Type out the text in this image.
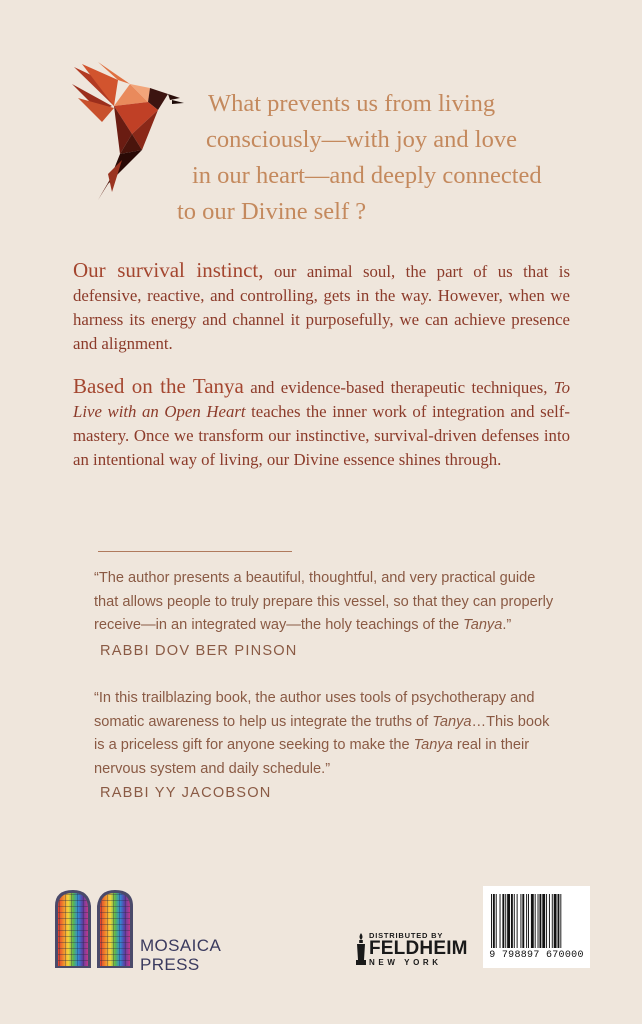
What prevents us from living
consciously—with joy and love
in our heart—and deeply connected
to our Divine self ?
Our survival instinct, our animal soul, the part of us that is defensive, reactive, and controlling, gets in the way. However, when we harness its energy and channel it purposefully, we can achieve presence and alignment.
Based on the Tanya and evidence-based therapeutic techniques, To Live with an Open Heart teaches the inner work of integration and self-mastery. Once we transform our instinctive, survival-driven defenses into an intentional way of living, our Divine essence shines through.
“The author presents a beautiful, thoughtful, and very practical guide that allows people to truly prepare this vessel, so that they can properly receive—in an integrated way—the holy teachings of the Tanya.”
RABBI DOV BER PINSON
“In this trailblazing book, the author uses tools of psychotherapy and somatic awareness to help us integrate the truths of Tanya…This book is a priceless gift for anyone seeking to make the Tanya real in their nervous system and daily schedule.”
RABBI YY JACOBSON
MOSAICA
PRESS
DISTRIBUTED BY
FELDHEIM
NEW YORK
9 798897 670000
